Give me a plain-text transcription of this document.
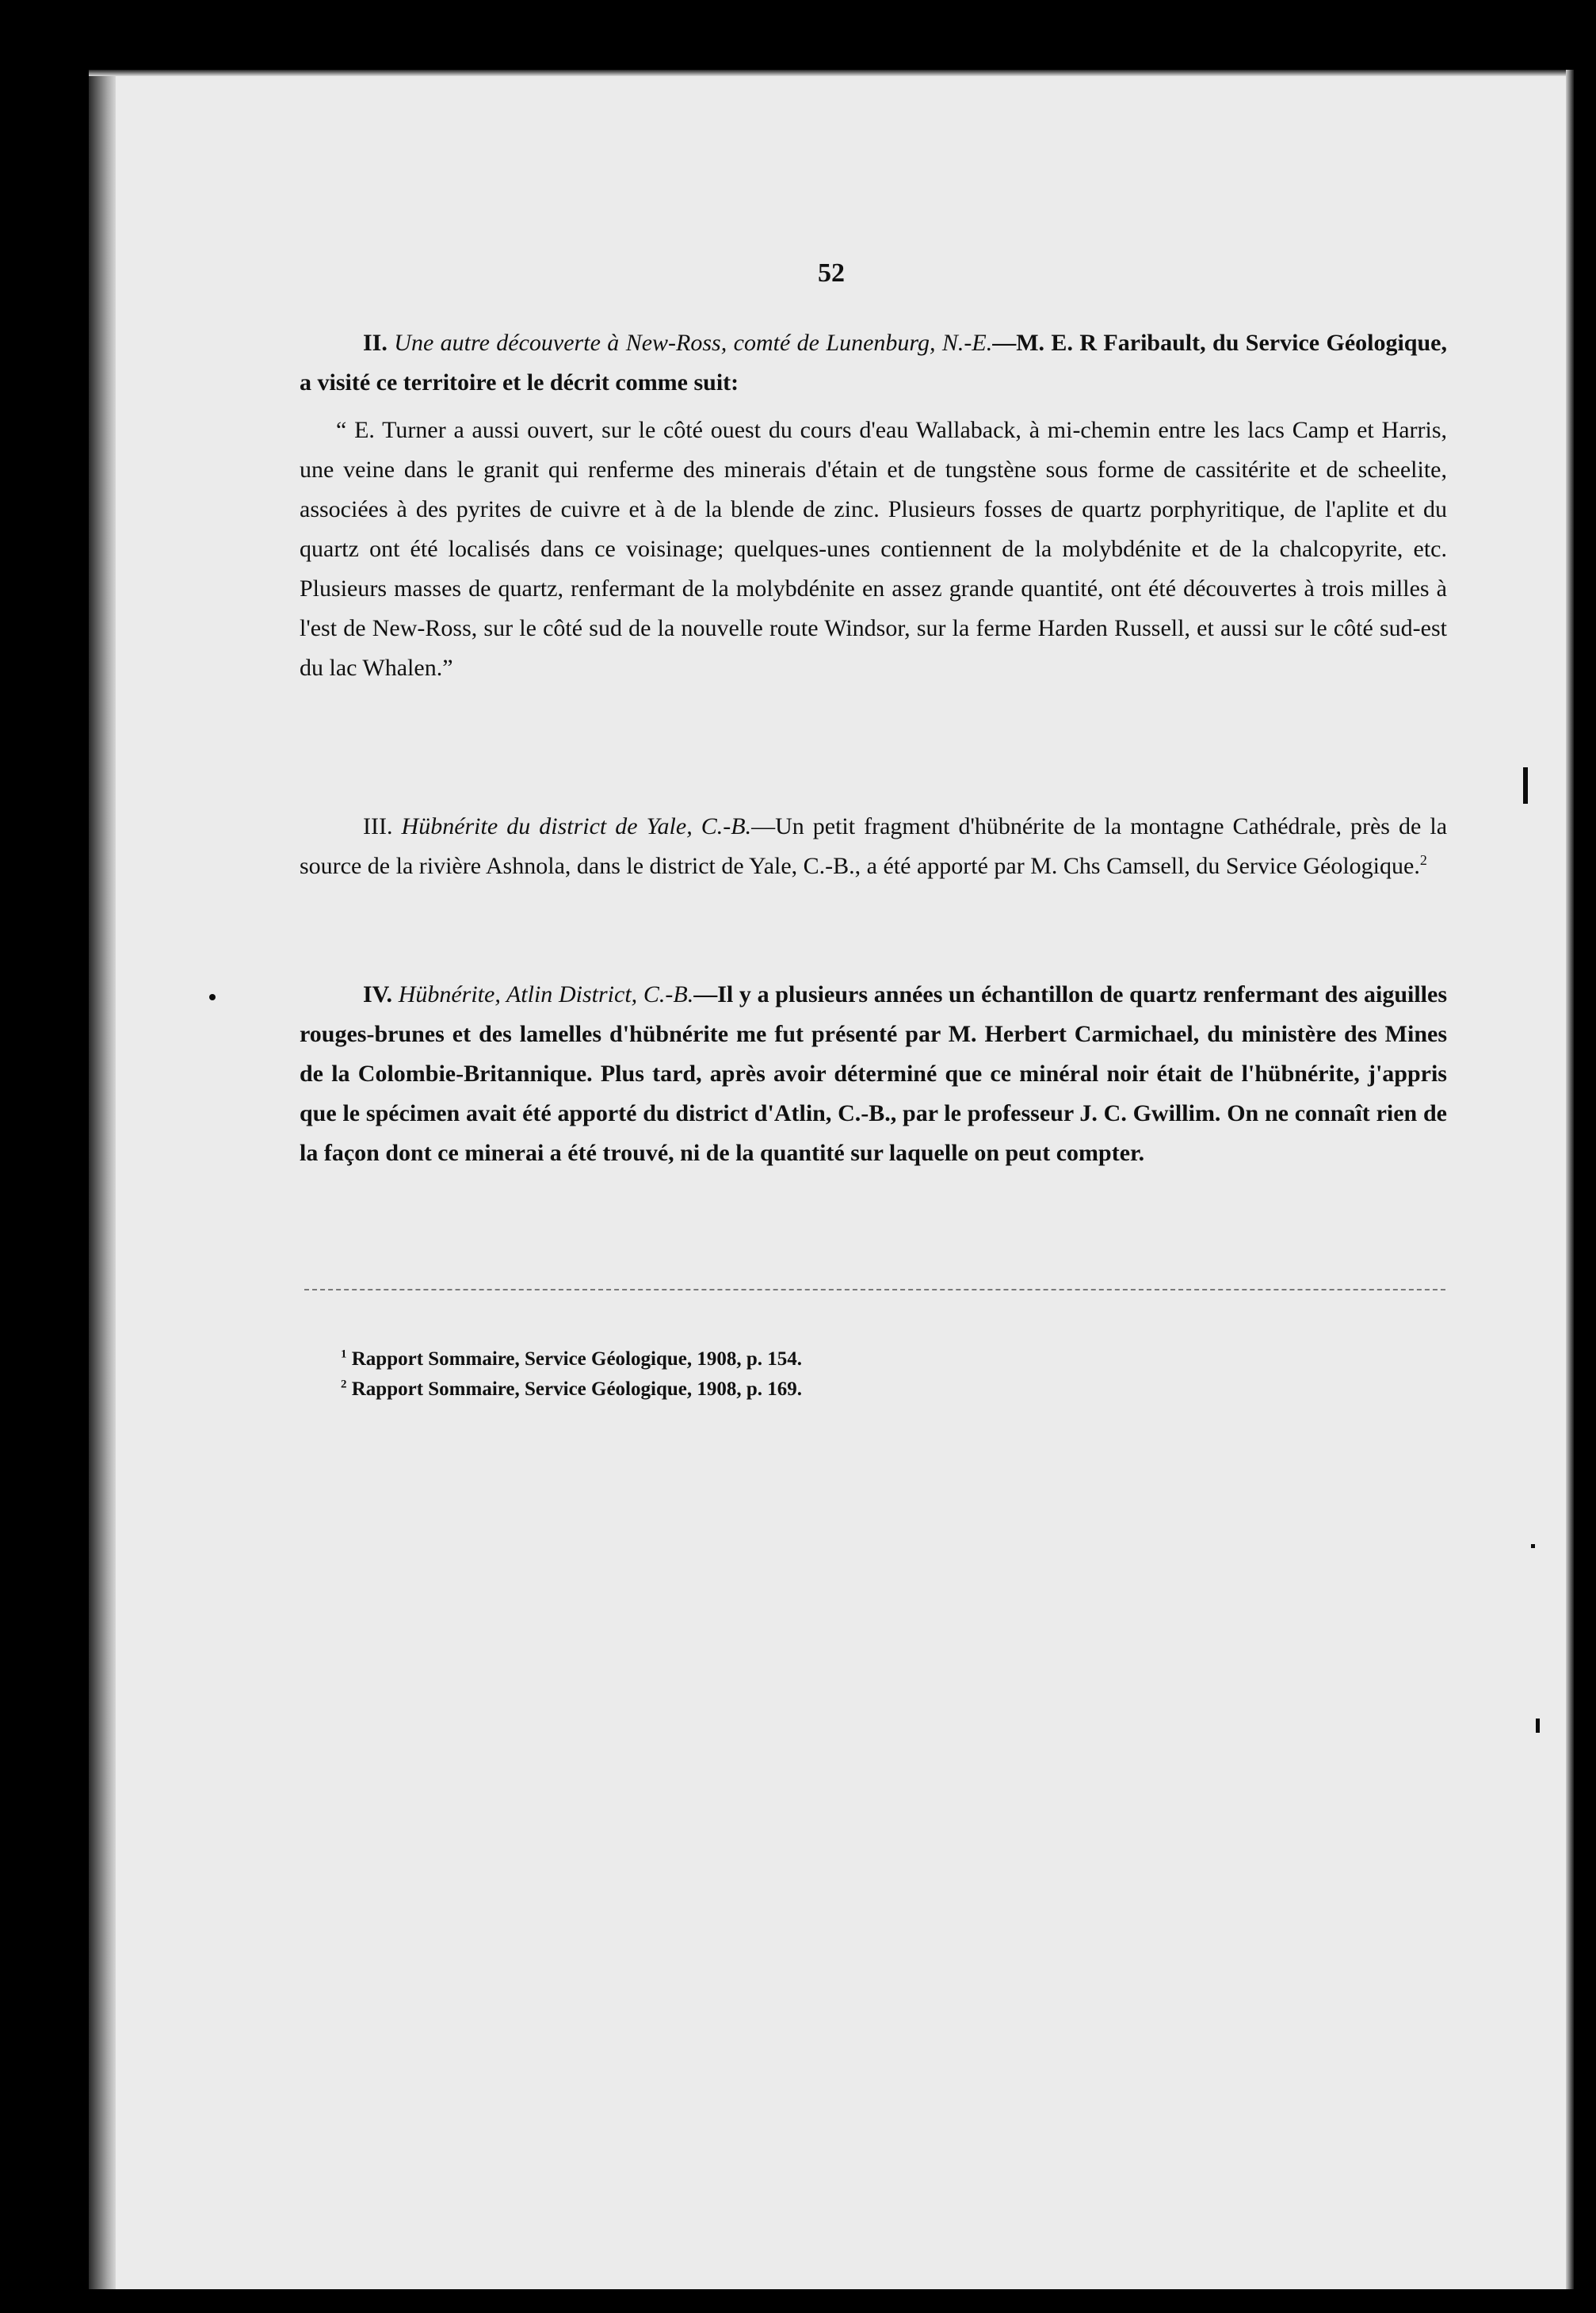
52

II. Une autre découverte à New-Ross, comté de Lunenburg, N.-E.—M. E. R Faribault, du Service Géologique, a visité ce territoire et le décrit comme suit:

“ E. Turner a aussi ouvert, sur le côté ouest du cours d'eau Wallaback, à mi-chemin entre les lacs Camp et Harris, une veine dans le granit qui renferme des minerais d'étain et de tungstène sous forme de cassitérite et de scheelite, associées à des pyrites de cuivre et à de la blende de zinc. Plusieurs fosses de quartz porphyritique, de l'aplite et du quartz ont été localisés dans ce voisinage; quelques-unes contiennent de la molybdénite et de la chalcopyrite, etc. Plusieurs masses de quartz, renfermant de la molybdénite en assez grande quantité, ont été découvertes à trois milles à l'est de New-Ross, sur le côté sud de la nouvelle route Windsor, sur la ferme Harden Russell, et aussi sur le côté sud-est du lac Whalen.”

III. Hübnérite du district de Yale, C.-B.—Un petit fragment d'hübnérite de la montagne Cathédrale, près de la source de la rivière Ashnola, dans le district de Yale, C.-B., a été apporté par M. Chs Camsell, du Service Géologique.$^2$

IV. Hübnérite, Atlin District, C.-B.—Il y a plusieurs années un échantillon de quartz renfermant des aiguilles rouges-brunes et des lamelles d'hübnérite me fut présenté par M. Herbert Carmichael, du ministère des Mines de la Colombie-Britannique. Plus tard, après avoir déterminé que ce minéral noir était de l'hübnérite, j'appris que le spécimen avait été apporté du district d'Atlin, C.-B., par le professeur J. C. Gwillim. On ne connaît rien de la façon dont ce minerai a été trouvé, ni de la quantité sur laquelle on peut compter.

$^1$ Rapport Sommaire, Service Géologique, 1908, p. 154.
$^2$ Rapport Sommaire, Service Géologique, 1908, p. 169.
